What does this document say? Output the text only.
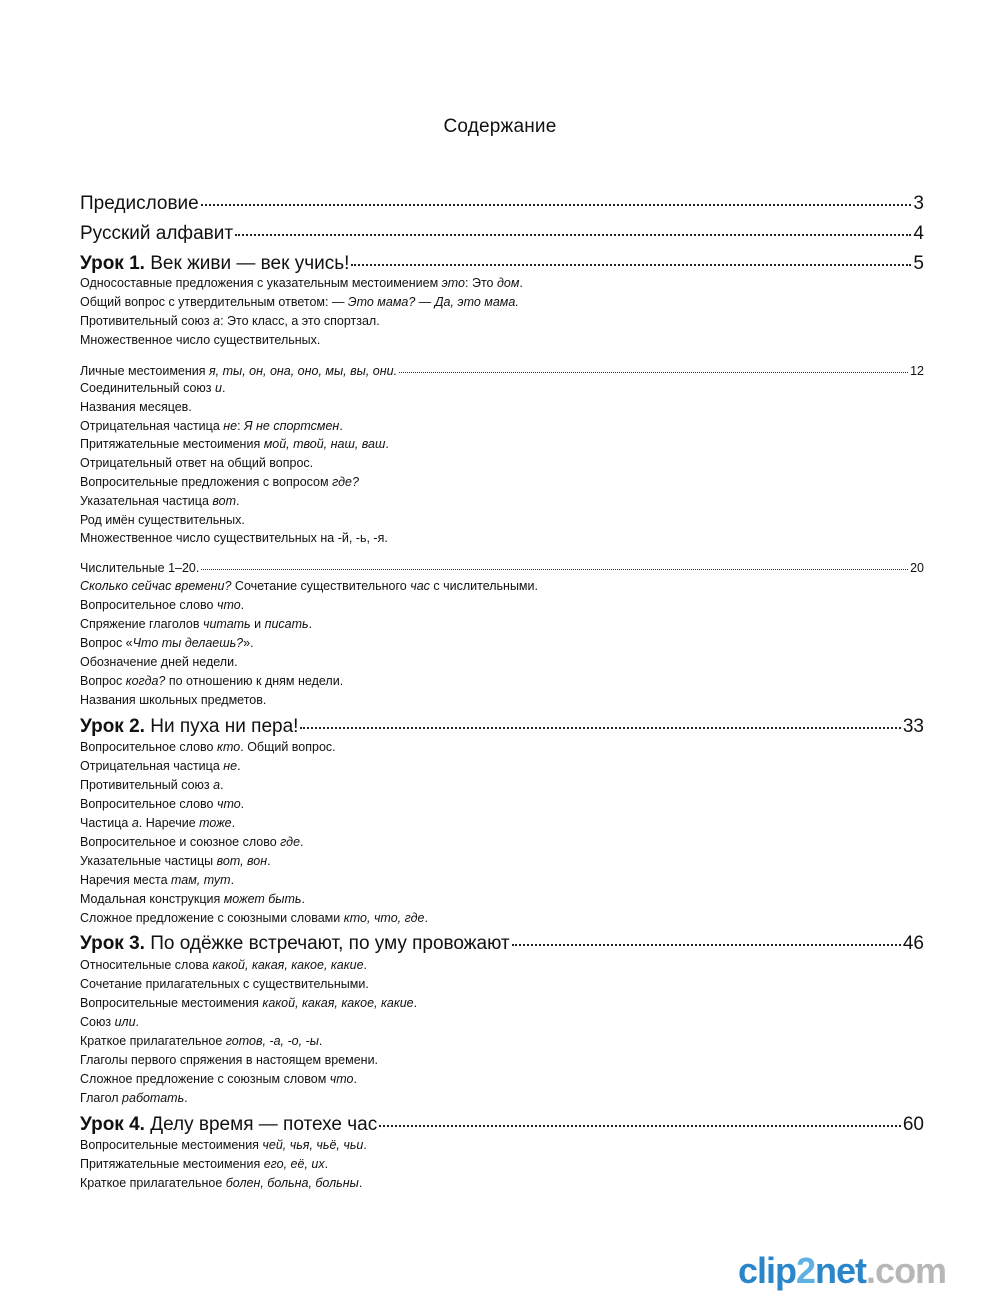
Содержание
Предисловие	3
Русский алфавит	4
Урок 1. Век живи — век учись!	5
Односоставные предложения с указательным местоимением это: Это дом.
Общий вопрос с утвердительным ответом: — Это мама? — Да, это мама.
Противительный союз а: Это класс, а это спортзал.
Множественное число существительных.
Личные местоимения я, ты, он, она, оно, мы, вы, они.	12
Соединительный союз и.
Названия месяцев.
Отрицательная частица не: Я не спортсмен.
Притяжательные местоимения мой, твой, наш, ваш.
Отрицательный ответ на общий вопрос.
Вопросительные предложения с вопросом где?
Указательная частица вот.
Род имён существительных.
Множественное число существительных на -й, -ь, -я.
Числительные 1–20.	20
Сколько сейчас времени? Сочетание существительного час с числительными.
Вопросительное слово что.
Спряжение глаголов читать и писать.
Вопрос «Что ты делаешь?».
Обозначение дней недели.
Вопрос когда? по отношению к дням недели.
Названия школьных предметов.
Урок 2. Ни пуха ни пера!	33
Вопросительное слово кто. Общий вопрос.
Отрицательная частица не.
Противительный союз а.
Вопросительное слово что.
Частица а. Наречие тоже.
Вопросительное и союзное слово где.
Указательные частицы вот, вон.
Наречия места там, тут.
Модальная конструкция может быть.
Сложное предложение с союзными словами кто, что, где.
Урок 3. По одёжке встречают, по уму провожают	46
Относительные слова какой, какая, какое, какие.
Сочетание прилагательных с существительными.
Вопросительные местоимения какой, какая, какое, какие.
Союз или.
Краткое прилагательное готов, -а, -о, -ы.
Глаголы первого спряжения в настоящем времени.
Сложное предложение с союзным словом что.
Глагол работать.
Урок 4. Делу время — потехе час	60
Вопросительные местоимения чей, чья, чьё, чьи.
Притяжательные местоимения его, её, их.
Краткое прилагательное болен, больна, больны.
clip2net.com
